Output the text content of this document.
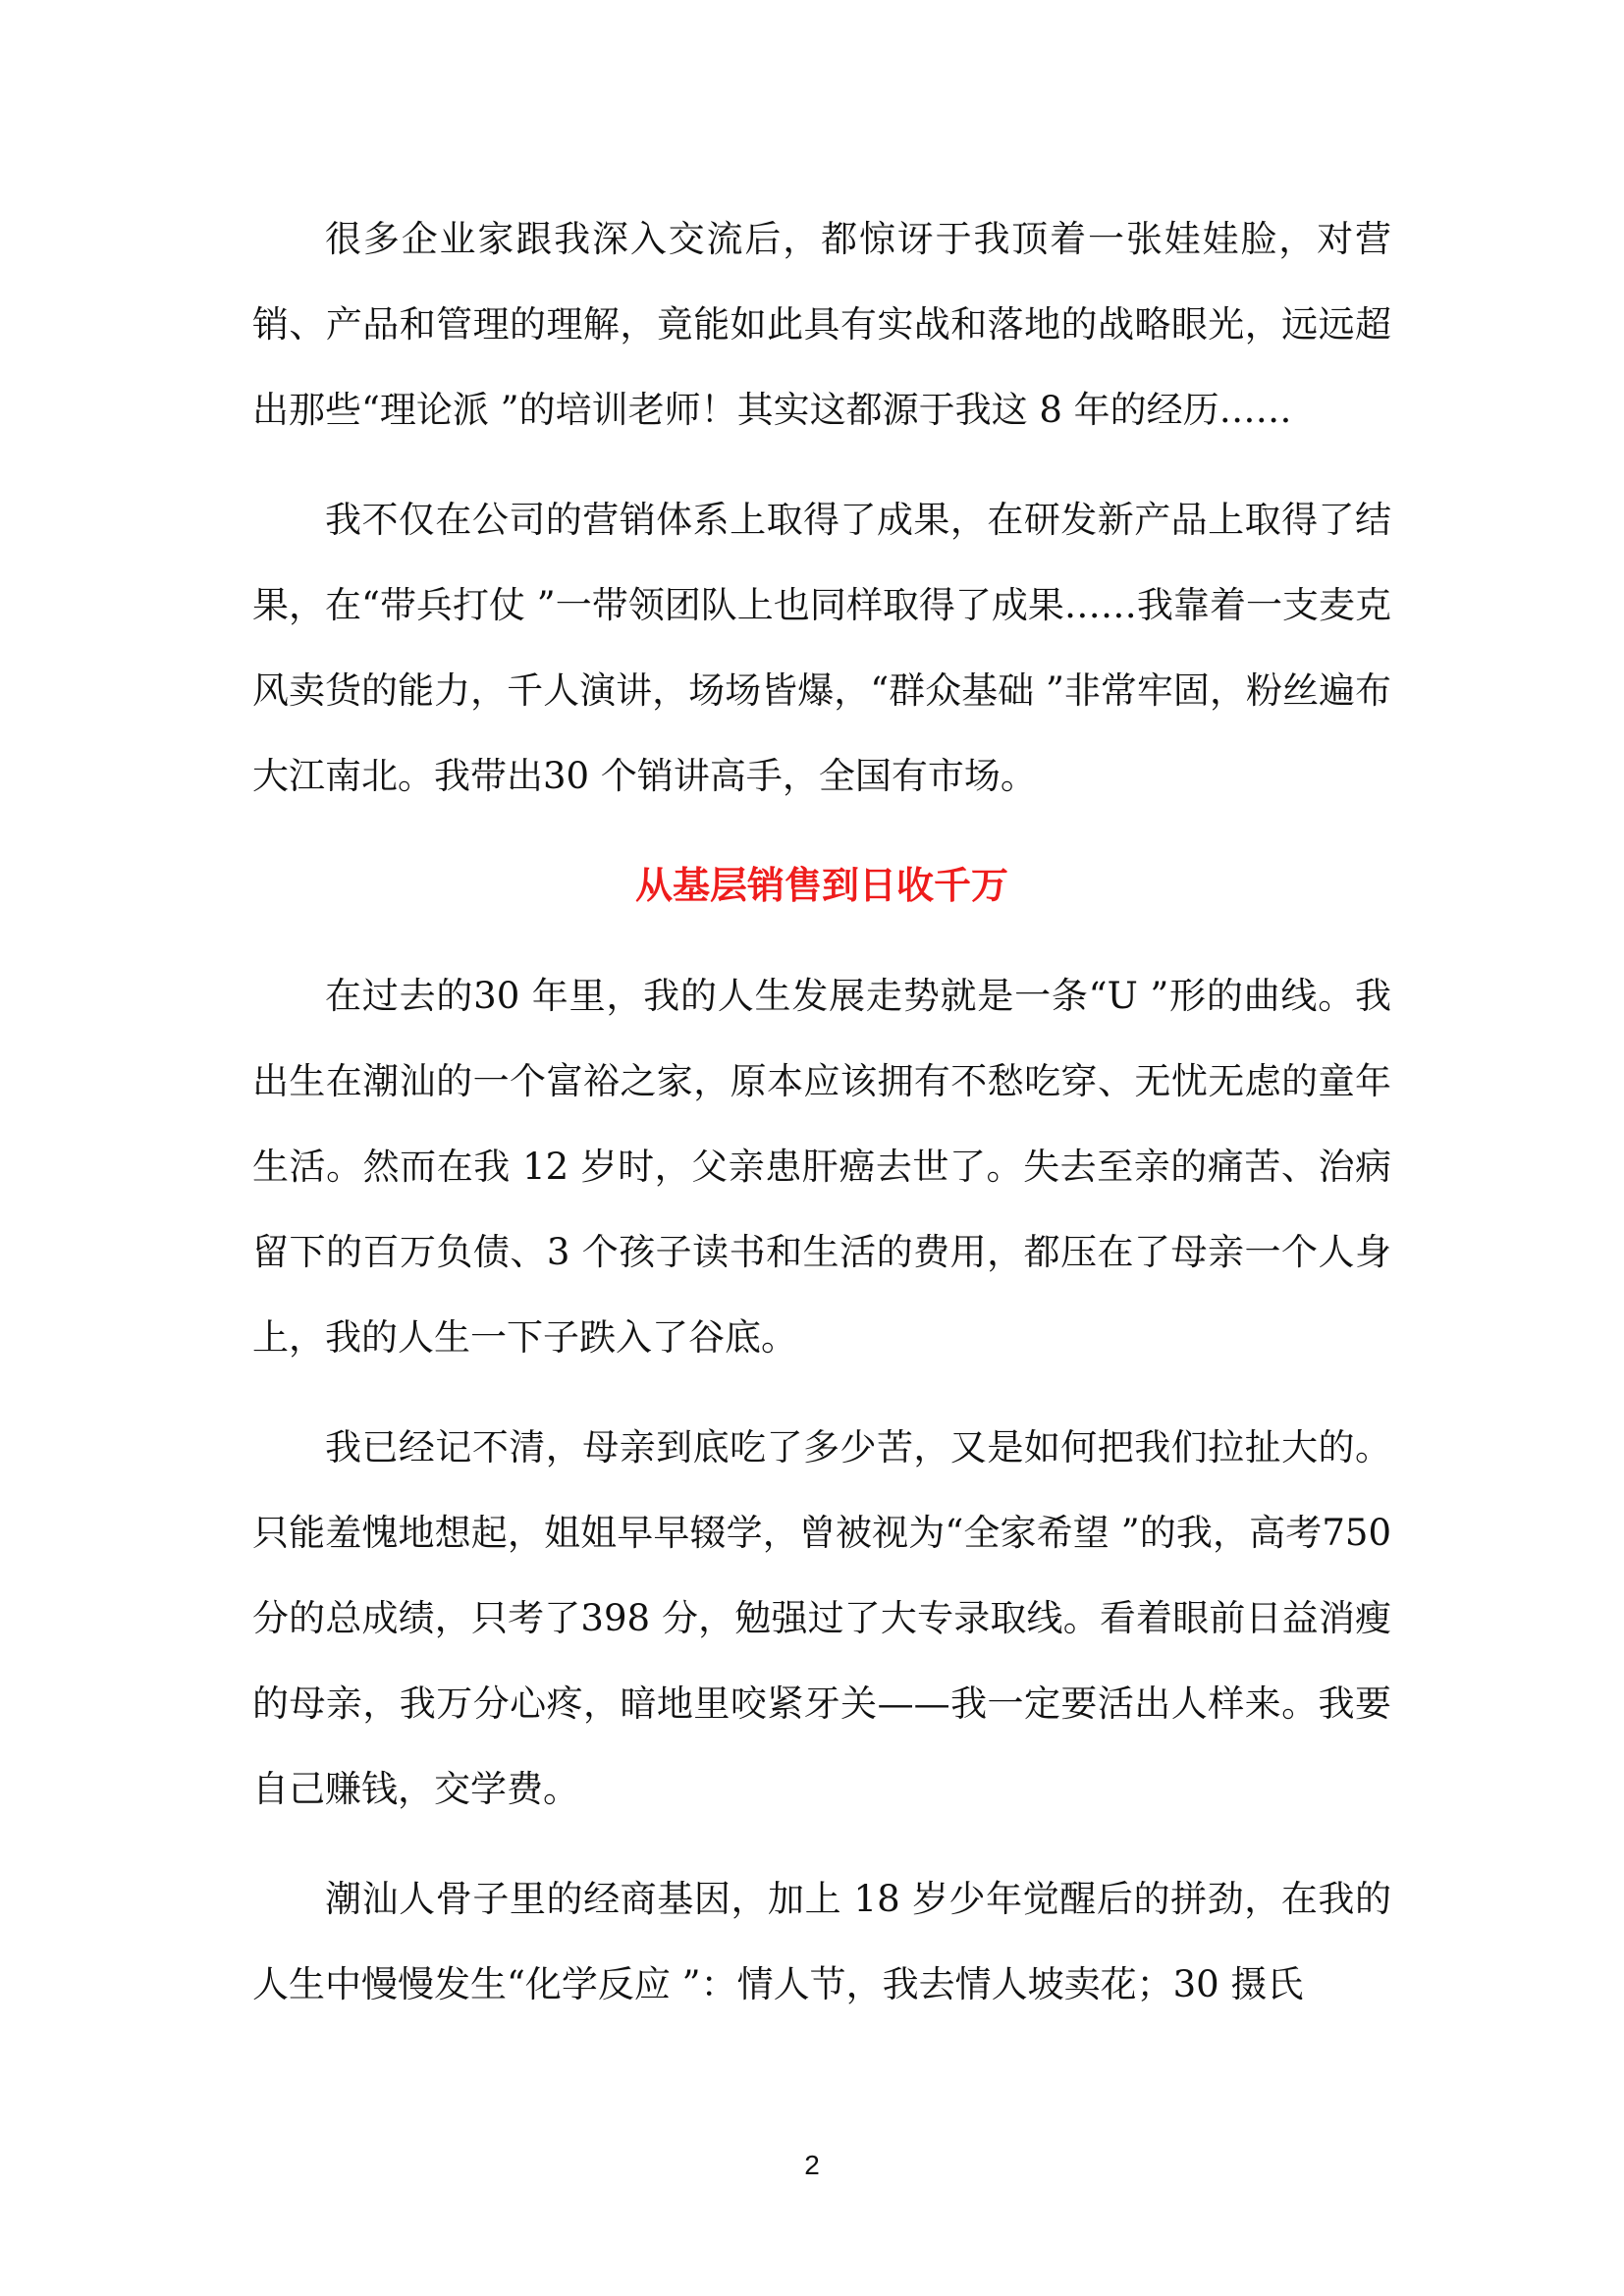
很多企业家跟我深入交流后，都惊讶于我顶着一张娃娃脸，对营销、产品和管理的理解，竟能如此具有实战和落地的战略眼光，远远超出那些“理论派 ”的培训老师！其实这都源于我这 8 年的经历……

我不仅在公司的营销体系上取得了成果，在研发新产品上取得了结果，在“带兵打仗 ”一带领团队上也同样取得了成果……我靠着一支麦克风卖货的能力，千人演讲，场场皆爆，“群众基础 ”非常牢固，粉丝遍布大江南北。我带出30 个销讲高手，全国有市场。

从基层销售到日收千万

在过去的30 年里，我的人生发展走势就是一条“U ”形的曲线。我出生在潮汕的一个富裕之家，原本应该拥有不愁吃穿、无忧无虑的童年生活。然而在我 12 岁时，父亲患肝癌去世了。失去至亲的痛苦、治病留下的百万负债、3 个孩子读书和生活的费用，都压在了母亲一个人身上，我的人生一下子跌入了谷底。

我已经记不清，母亲到底吃了多少苦，又是如何把我们拉扯大的。只能羞愧地想起，姐姐早早辍学，曾被视为“全家希望 ”的我，高考750 分的总成绩，只考了398 分，勉强过了大专录取线。看着眼前日益消瘦的母亲，我万分心疼，暗地里咬紧牙关——我一定要活出人样来。我要自己赚钱，交学费。

潮汕人骨子里的经商基因，加上 18 岁少年觉醒后的拼劲，在我的人生中慢慢发生“化学反应 ”：情人节，我去情人坡卖花；30 摄氏

2
